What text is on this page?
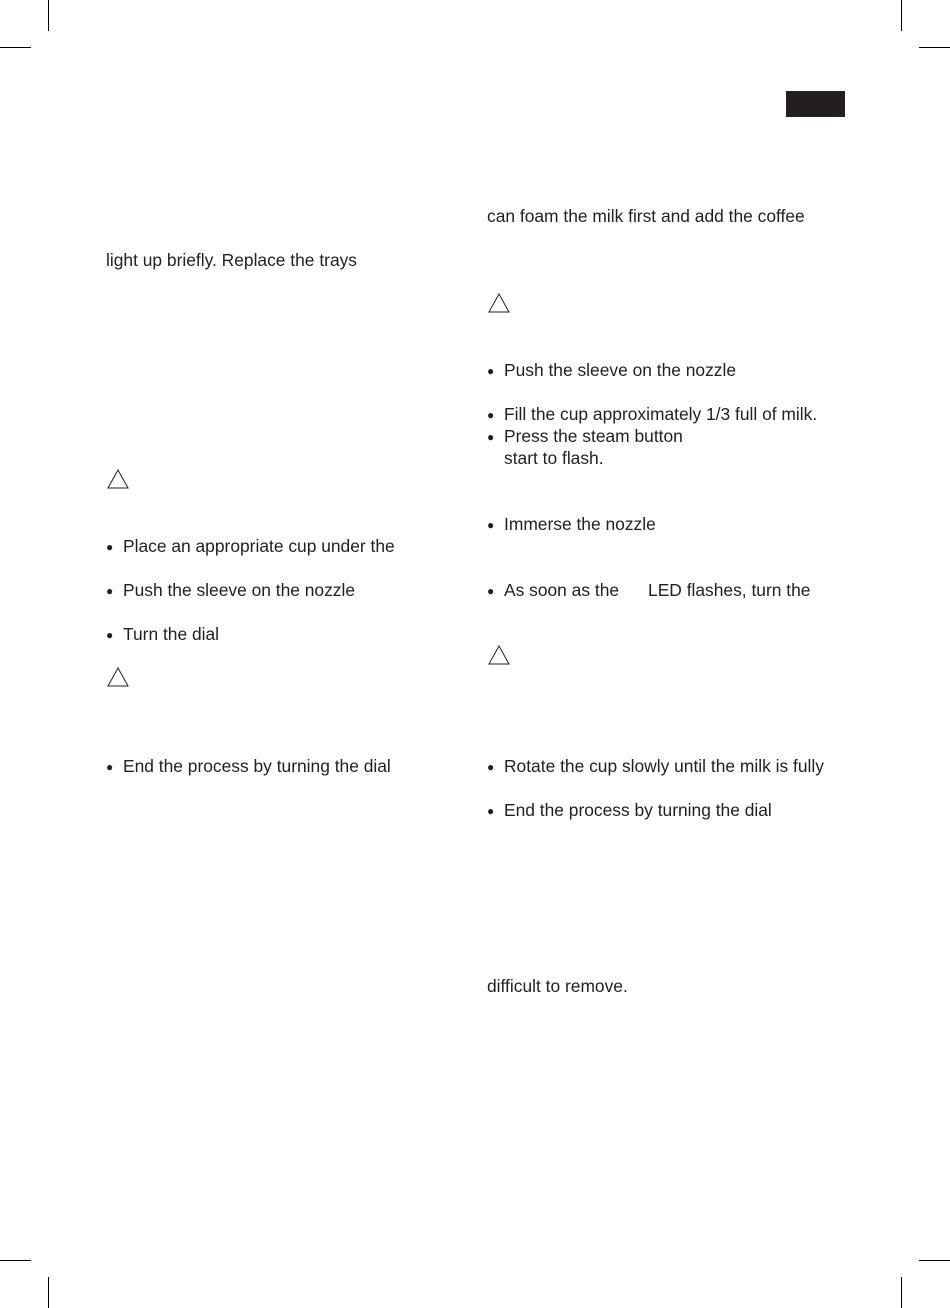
light up briefly. Replace the trays
● Place an appropriate cup under the
● Push the sleeve on the nozzle
● Turn the dial
● End the process by turning the dial
can foam the milk first and add the coffee
● Push the sleeve on the nozzle
● Fill the cup approximately 1/3 full of milk.
● Press the steam button
start to flash.
● Immerse the nozzle
● As soon as the      LED flashes, turn the
● Rotate the cup slowly until the milk is fully
● End the process by turning the dial
difficult to remove.
